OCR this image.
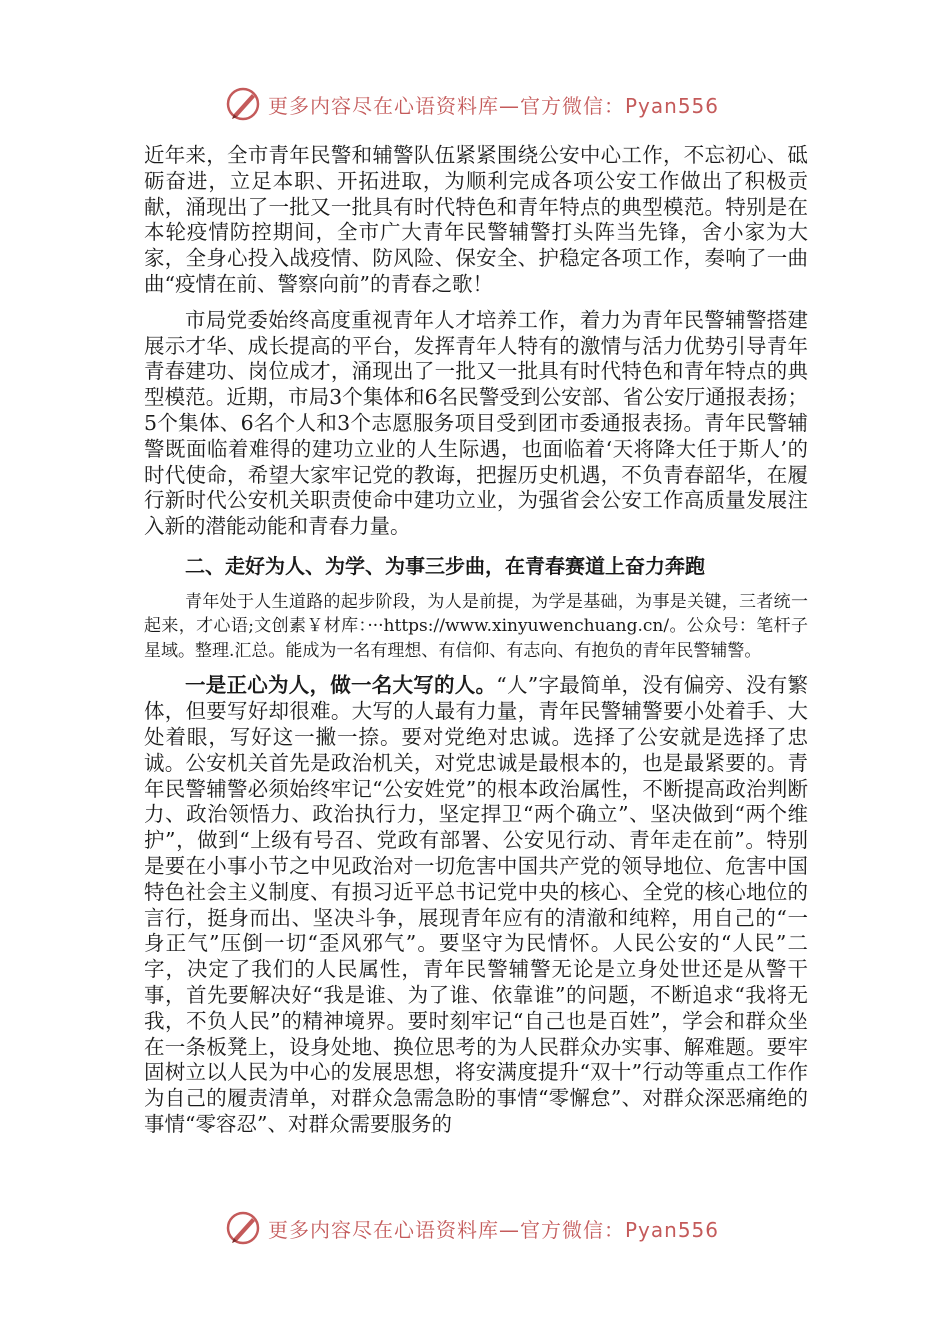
更多内容尽在心语资料库—官方微信：Pyan556

近年来，全市青年民警和辅警队伍紧紧围绕公安中心工作，不忘初心、砥砺奋进，立足本职、开拓进取，为顺利完成各项公安工作做出了积极贡献，涌现出了一批又一批具有时代特色和青年特点的典型模范。特别是在本轮疫情防控期间，全市广大青年民警辅警打头阵当先锋，舍小家为大家，全身心投入战疫情、防风险、保安全、护稳定各项工作，奏响了一曲曲“疫情在前、警察向前”的青春之歌！

市局党委始终高度重视青年人才培养工作，着力为青年民警辅警搭建展示才华、成长提高的平台，发挥青年人特有的激情与活力优势引导青年青春建功、岗位成才，涌现出了一批又一批具有时代特色和青年特点的典型模范。近期，市局3个集体和6名民警受到公安部、省公安厅通报表扬；5个集体、6名个人和3个志愿服务项目受到团市委通报表扬。青年民警辅警既面临着难得的建功立业的人生际遇，也面临着‘天将降大任于斯人’的时代使命，希望大家牢记党的教诲，把握历史机遇，不负青春韶华，在履行新时代公安机关职责使命中建功立业，为强省会公安工作高质量发展注入新的潜能动能和青春力量。

二、走好为人、为学、为事三步曲，在青春赛道上奋力奔跑

青年处于人生道路的起步阶段，为人是前提，为学是基础，为事是关键，三者统一起来，才心语;文创素￥材库：···https://www.xinyuwenchuang.cn/。公众号：笔杆子星域。整理.汇总。能成为一名有理想、有信仰、有志向、有抱负的青年民警辅警。

一是正心为人，做一名大写的人。“人”字最简单，没有偏旁、没有繁体，但要写好却很难。大写的人最有力量，青年民警辅警要小处着手、大处着眼，写好这一撇一捺。要对党绝对忠诚。选择了公安就是选择了忠诚。公安机关首先是政治机关，对党忠诚是最根本的，也是最紧要的。青年民警辅警必须始终牢记“公安姓党”的根本政治属性，不断提高政治判断力、政治领悟力、政治执行力，坚定捍卫“两个确立”、坚决做到“两个维护”，做到“上级有号召、党政有部署、公安见行动、青年走在前”。特别是要在小事小节之中见政治对一切危害中国共产党的领导地位、危害中国特色社会主义制度、有损习近平总书记党中央的核心、全党的核心地位的言行，挺身而出、坚决斗争，展现青年应有的清澈和纯粹，用自己的“一身正气”压倒一切“歪风邪气”。要坚守为民情怀。人民公安的“人民”二字，决定了我们的人民属性，青年民警辅警无论是立身处世还是从警干事，首先要解决好“我是谁、为了谁、依靠谁”的问题，不断追求“我将无我，不负人民”的精神境界。要时刻牢记“自己也是百姓”，学会和群众坐在一条板凳上，设身处地、换位思考的为人民群众办实事、解难题。要牢固树立以人民为中心的发展思想，将安满度提升“双十”行动等重点工作作为自己的履责清单，对群众急需急盼的事情“零懈怠”、对群众深恶痛绝的事情“零容忍”、对群众需要服务的

更多内容尽在心语资料库—官方微信：Pyan556
